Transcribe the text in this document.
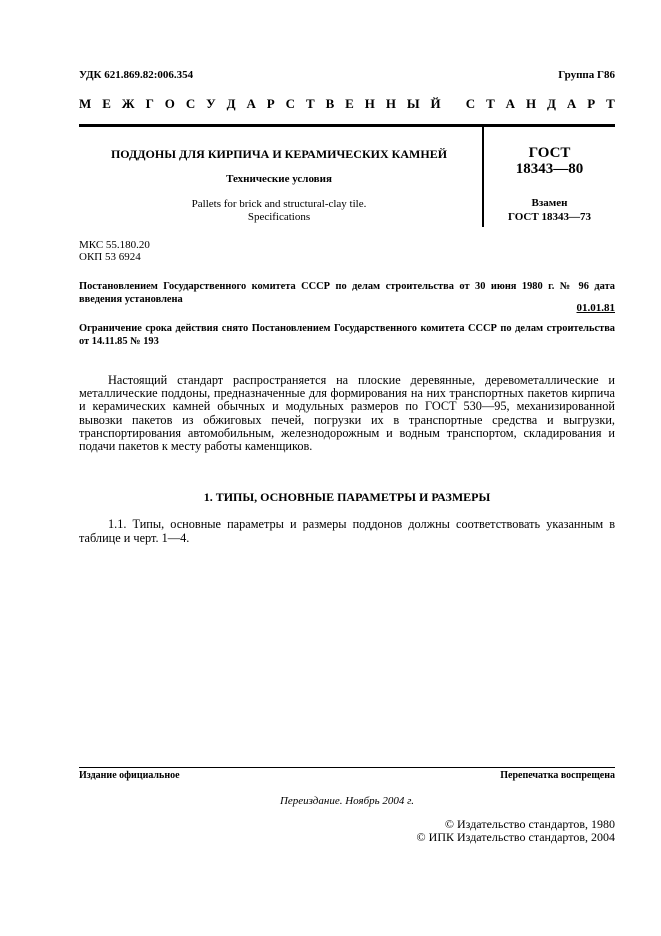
УДК 621.869.82:006.354	Группа Г86
М Е Ж Г О С У Д А Р С Т В Е Н Н Ы Й
С Т А Н Д А Р Т
ПОДДОНЫ ДЛЯ КИРПИЧА И КЕРАМИЧЕСКИХ КАМНЕЙ
Технические условия
Pallets for brick and structural-clay tile.
Specifications
ГОСТ
18343—80
Взамен
ГОСТ 18343—73
МКС 55.180.20
ОКП 53 6924
Постановлением Государственного комитета СССР по делам строительства от 30 июня 1980 г. № 96 дата введения установлена
01.01.81
Ограничение срока действия снято Постановлением Государственного комитета СССР по делам строительства от 14.11.85 № 193
Настоящий стандарт распространяется на плоские деревянные, деревометаллические и металлические поддоны, предназначенные для формирования на них транспортных пакетов кирпича и керамических камней обычных и модульных размеров по ГОСТ 530—95, механизированной вывозки пакетов из обжиговых печей, погрузки их в транспортные средства и выгрузки, транспортирования автомобильным, железнодорожным и водным транспортом, складирования и подачи пакетов к месту работы каменщиков.
1. ТИПЫ, ОСНОВНЫЕ ПАРАМЕТРЫ И РАЗМЕРЫ
1.1. Типы, основные параметры и размеры поддонов должны соответствовать указанным в таблице и черт. 1—4.
Издание официальное	Перепечатка воспрещена
Переиздание. Ноябрь 2004 г.
© Издательство стандартов, 1980
© ИПК Издательство стандартов, 2004
